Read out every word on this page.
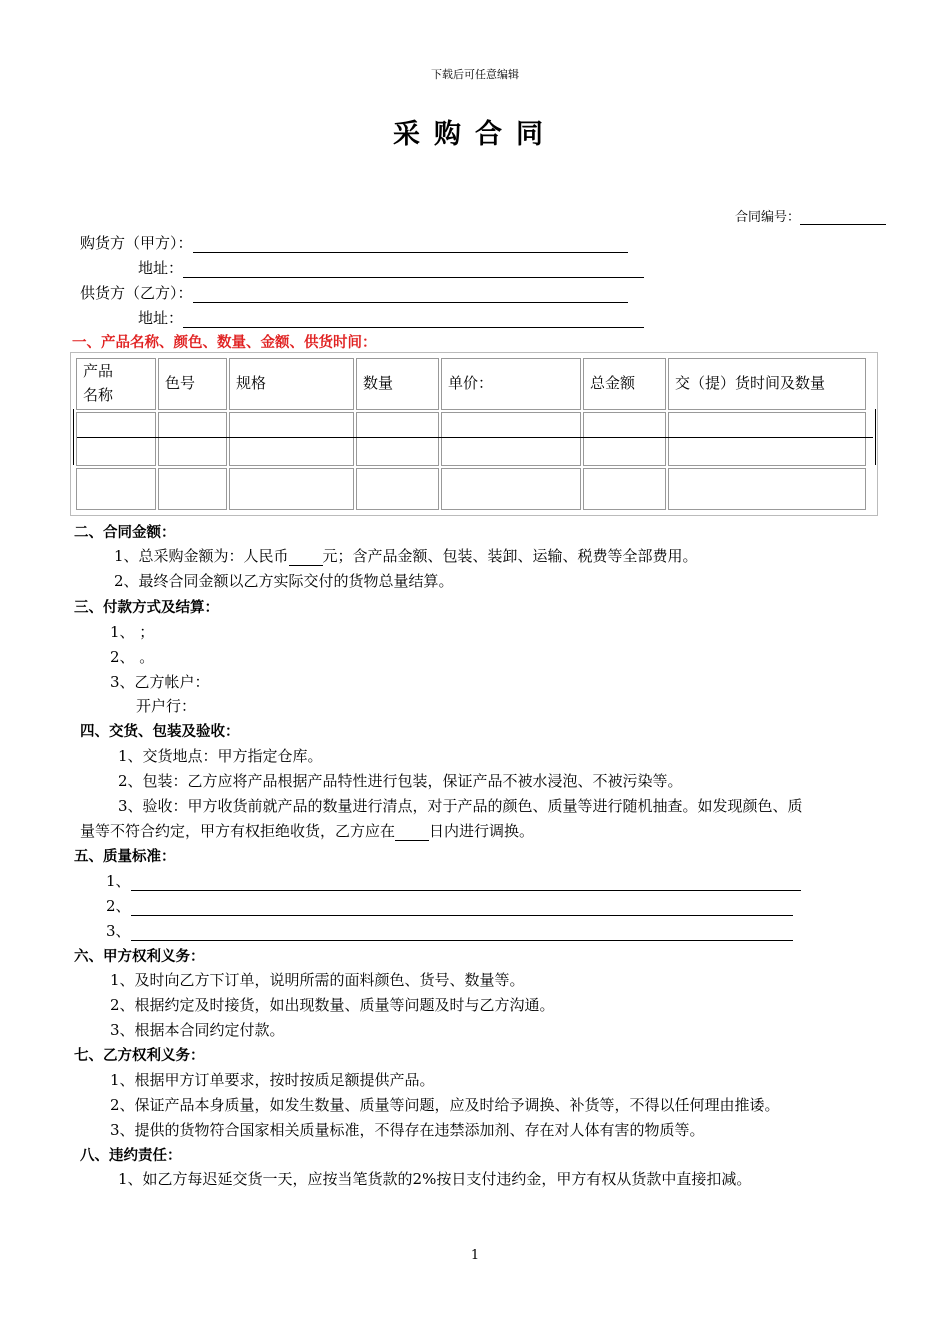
下载后可任意编辑
采购合同
合同编号：
购货方（甲方）：
地址：
供货方（乙方）：
地址：
一、产品名称、颜色、数量、金额、供货时间：
产品
名称	色号	规格	数量	单价：	总金额	交（提）货时间及数量

二、合同金额：
1、总采购金额为：人民币 元；含产品金额、包装、装卸、运输、税费等全部费用。
2、最终合同金额以乙方实际交付的货物总量结算。
三、付款方式及结算：
1、 ；
2、 。
3、乙方帐户：
开户行：
四、交货、包装及验收：
1、交货地点：甲方指定仓库。
2、包装：乙方应将产品根据产品特性进行包装，保证产品不被水浸泡、不被污染等。
3、验收：甲方收货前就产品的数量进行清点，对于产品的颜色、质量等进行随机抽查。如发现颜色、质
量等不符合约定，甲方有权拒绝收货，乙方应在 日内进行调换。
五、质量标准：
1、
2、
3、
六、甲方权利义务：
1、及时向乙方下订单，说明所需的面料颜色、货号、数量等。
2、根据约定及时接货，如出现数量、质量等问题及时与乙方沟通。
3、根据本合同约定付款。
七、乙方权利义务：
1、根据甲方订单要求，按时按质足额提供产品。
2、保证产品本身质量，如发生数量、质量等问题，应及时给予调换、补货等，不得以任何理由推诿。
3、提供的货物符合国家相关质量标准，不得存在违禁添加剂、存在对人体有害的物质等。
八、违约责任：
1、如乙方每迟延交货一天，应按当笔货款的2%按日支付违约金，甲方有权从货款中直接扣减。
1
